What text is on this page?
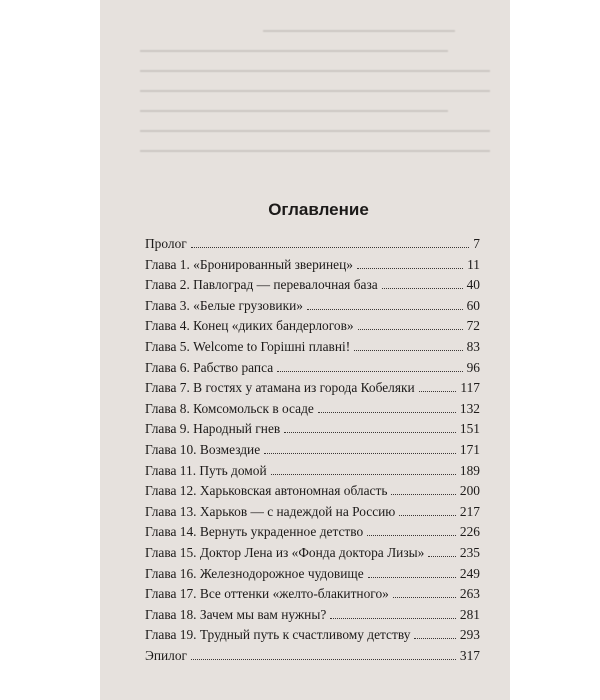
Оглавление
Пролог	7
Глава 1. «Бронированный зверинец»	11
Глава 2. Павлоград — перевалочная база	40
Глава 3. «Белые грузовики»	60
Глава 4. Конец «диких бандерлогов»	72
Глава 5. Welcome to Горішні плавні!	83
Глава 6. Рабство рапса	96
Глава 7. В гостях у атамана из города Кобеляки	117
Глава 8. Комсомольск в осаде	132
Глава 9. Народный гнев	151
Глава 10. Возмездие	171
Глава 11. Путь домой	189
Глава 12. Харьковская автономная область	200
Глава 13. Харьков — с надеждой на Россию	217
Глава 14. Вернуть украденное детство	226
Глава 15. Доктор Лена из «Фонда доктора Лизы»	235
Глава 16. Железнодорожное чудовище	249
Глава 17. Все оттенки «желто-блакитного»	263
Глава 18. Зачем мы вам нужны?	281
Глава 19. Трудный путь к счастливому детству	293
Эпилог	317
